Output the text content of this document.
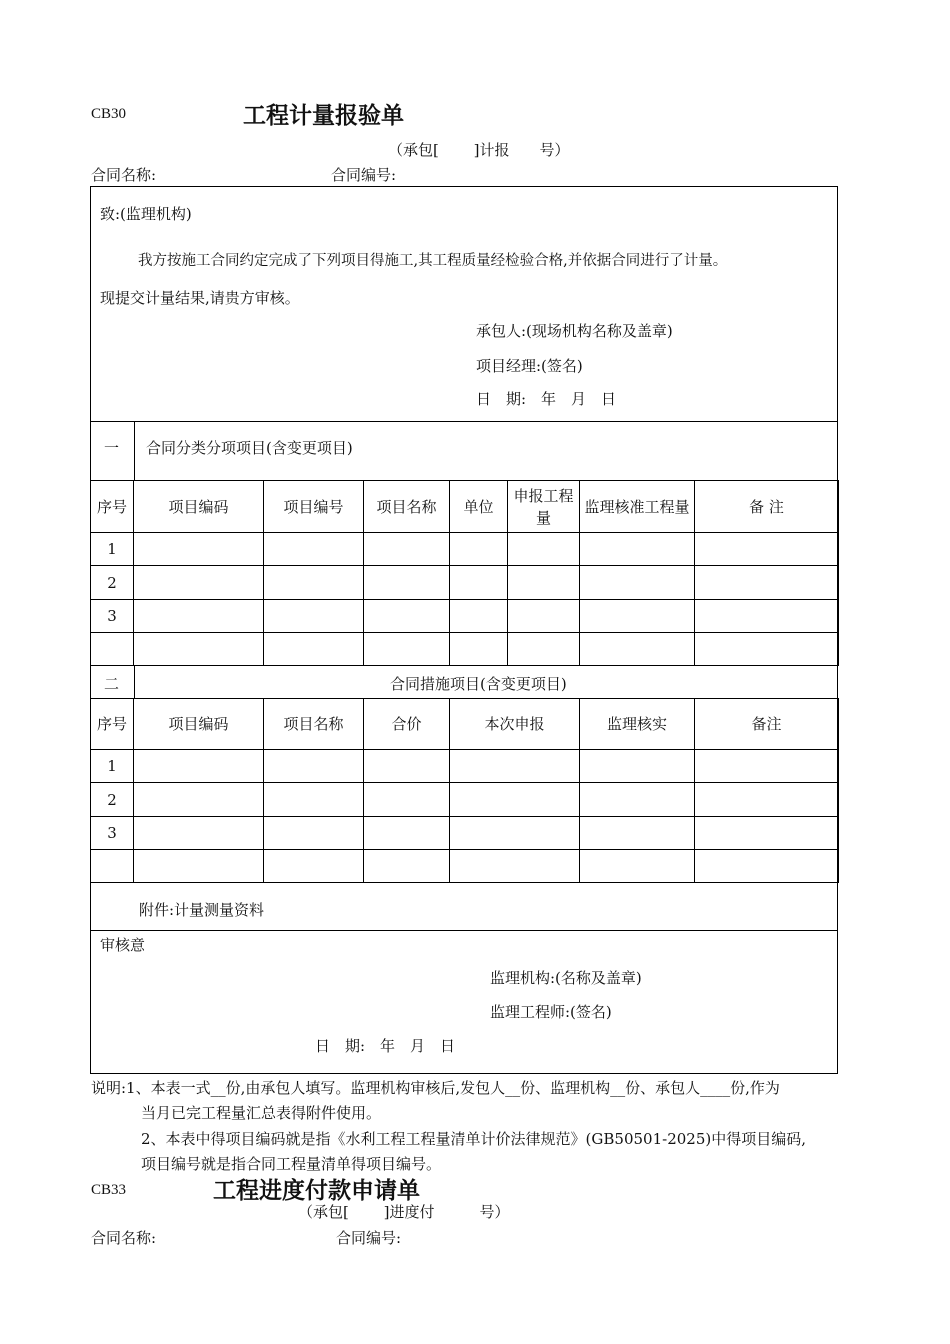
CB30	工程计量报验单
（承包[　　 ]计报　　号）
合同名称:	合同编号:
致:(监理机构)
我方按施工合同约定完成了下列项目得施工,其工程质量经检验合格,并依据合同进行了计量。
现提交计量结果,请贵方审核。
承包人:(现场机构名称及盖章)
项目经理:(签名)
日　期:　年　月　日
一 合同分类分项项目(含变更项目)
序号	项目编码	项目编号	项目名称	单位	申报工程量	监理核准工程量	备 注
1							
2							
3							

二	合同措施项目(含变更项目)
序号	项目编码	项目名称	合价	本次申报	监理核实	备注
1						
2						
3						

附件:计量测量资料
审核意
监理机构:(名称及盖章)
监理工程师:(签名)
日　期:　年　月　日
说明:1、本表一式__份,由承包人填写。监理机构审核后,发包人__份、监理机构__份、承包人____份,作为
当月已完工程量汇总表得附件使用。
2、本表中得项目编码就是指《水利工程工程量清单计价法律规范》(GB50501-2025)中得项目编码,
项目编号就是指合同工程量清单得项目编号。
CB33	工程进度付款申请单
（承包[　　 ]进度付　　　号）
合同名称:	合同编号:
